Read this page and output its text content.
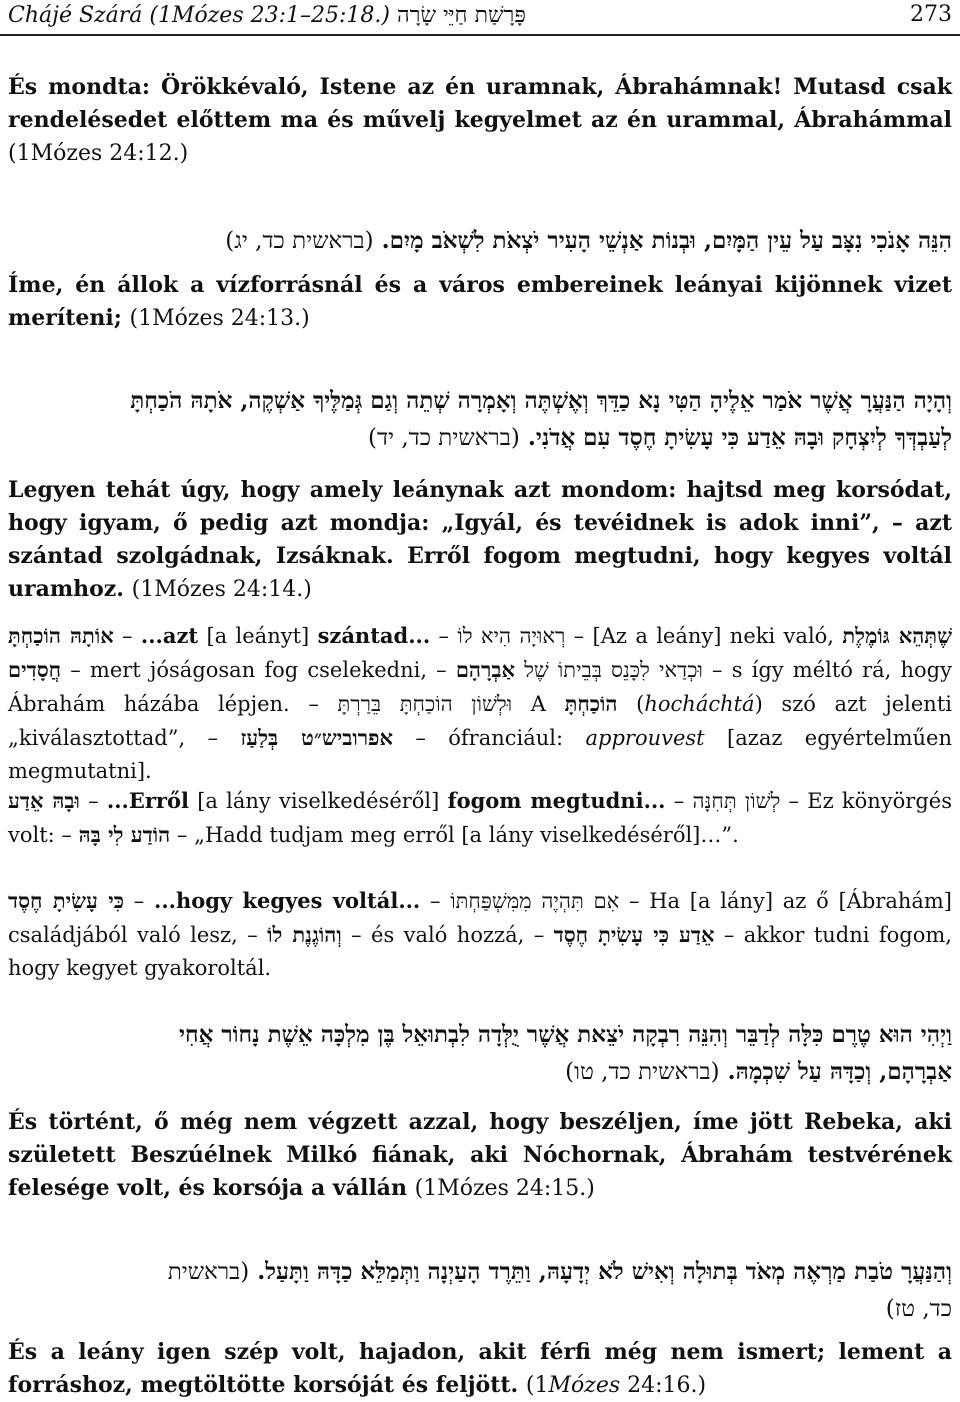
Chájé Szárá (1Mózes 23:1–25:18.) פָּרָשַׁת חַיֵּי שָׂרָה	273
És mondta: Örökkévaló, Istene az én uramnak, Ábrahámnak! Mutasd csak rendelésedet előttem ma és művelj kegyelmet az én urammal, Ábrahámmal (1Mózes 24:12.)
הִנֵּה אָנֹכִי נִצָּב עַל עֵין הַמָּיִם, וּבְנוֹת אַנְשֵׁי הָעִיר יֹצְאֹת לִשְׁאֹב מָיִם. (בראשית כד, יג)
Íme, én állok a vízforrásnál és a város embereinek leányai kijönnek vizet meríteni; (1Mózes 24:13.)
וְהָיָה הַנַּעֲרָ אֲשֶׁר אֹמַר אֵלֶיהָ הַטִּי נָא כַדֵּךְ וְאֶשְׁתֶּה וְאָמְרָה שְׁתֵה וְגַם גְּמַלֶּיךָ אַשְׁקֶה, אֹתָהּ הֹכַחְתָּ
לְעַבְדְּךָ לְיִצְחָק וּבָהּ אֵדַע כִּי עָשִׂיתָ חֶסֶד עִם אֲדֹנִי. (בראשית כד, יד)
Legyen tehát úgy, hogy amely leánynak azt mondom: hajtsd meg korsódat, hogy igyam, ő pedig azt mondja: „Igyál, és tevéidnek is adok inni”, – azt szántad szolgádnak, Izsáknak. Erről fogom megtudni, hogy kegyes voltál uramhoz. (1Mózes 24:14.)
אוֹתָהּ הוֹכַחְתָּ – ...azt [a leányt] szántad... – רְאוּיָה הִיא לוֹ – [Az a leány] neki való, שֶׁתְּהֵא גּוֹמֶלֶת חֲסָדִים – mert jóságosan fog cselekedni, –	וּכְדַאי לִכָּנֵס בְּבֵיתוֹ שֶׁל אַבְרָהָם	– s így méltó rá, hogy Ábrahám házába lépjen. – וּלְשׁוֹן הוֹכַחְתָּ בֵּרַרְתָּ A הוֹכַחְתָּ (hocháchtá) szó azt jelenti „kiválasztottad”, – אפרוביש״ט בְּלַעַז – ófranciául: approuvest [azaz egyértelműen megmutatni].
וּבָהּ אֵדַע – ...Erről [a lány viselkedéséről] fogom megtudni... – לְשׁוֹן תְּחִנָּה – Ez könyörgés volt: – הוֹדַע לִי בָּהּ – „Hadd tudjam meg erről [a lány viselkedéséről]…”.
כִּי עָשִׂיתָ חֶסֶד – ...hogy kegyes voltál... – אִם תִּהְיֶה מִמִּשְׁפַּחְתּוֹ – Ha [a lány] az ő [Ábrahám] családjából való lesz, – וְהוֹגֶנֶת לוֹ – és való hozzá, – אֵדַע כִּי עָשִׂיתָ חֶסֶד – akkor tudni fogom, hogy kegyet gyakoroltál.
וַיְהִי הוּא טֶרֶם כִּלָּה לְדַבֵּר וְהִנֵּה רִבְקָה יֹצֵאת אֲשֶׁר יֻלְּדָה לִבְתוּאֵל בֶּן מִלְכָּה אֵשֶׁת נָחוֹר אֲחִי
אַבְרָהָם, וְכַדָּהּ עַל שִׁכְמָהּ. (בראשית כד, טו)
És történt, ő még nem végzett azzal, hogy beszéljen, íme jött Rebeka, aki született Beszúélnek Milkó fiának, aki Nóchornak, Ábrahám testvérének felesége volt, és korsója a vállán (1Mózes 24:15.)
וְהַנַּעֲרָ טֹבַת מַרְאֶה מְאֹד בְּתוּלָה וְאִישׁ לֹא יְדָעָהּ, וַתֵּרֶד הָעַיְנָה וַתְּמַלֵּא כַדָּהּ וַתָּעַל. (בראשית
כד, טז)
És a leány igen szép volt, hajadon, akit férfi még nem ismert; lement a forráshoz, megtöltötte korsóját és feljött. (1Mózes 24:16.)
